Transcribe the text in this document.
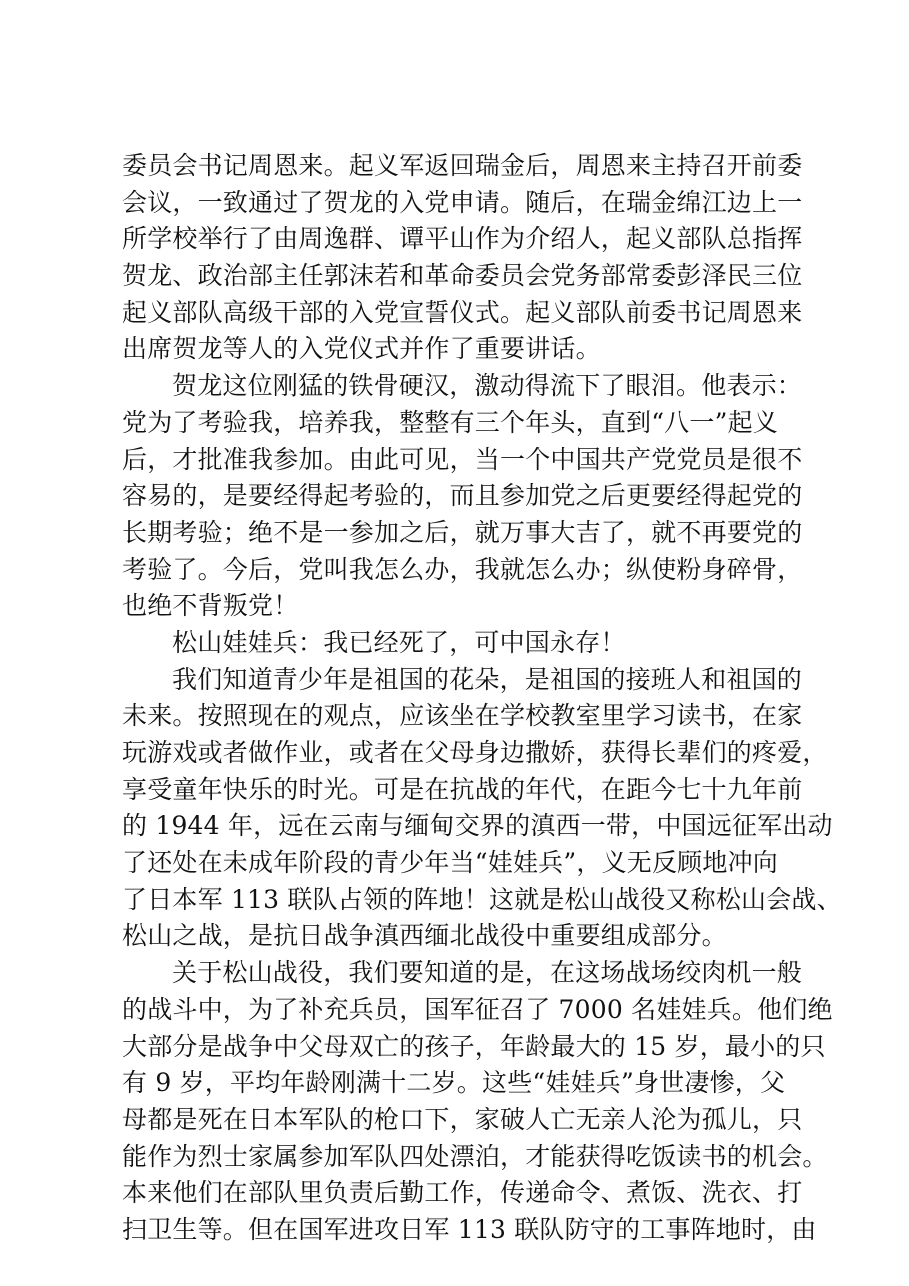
委员会书记周恩来。起义军返回瑞金后，周恩来主持召开前委
会议，一致通过了贺龙的入党申请。随后，在瑞金绵江边上一
所学校举行了由周逸群、谭平山作为介绍人，起义部队总指挥
贺龙、政治部主任郭沫若和革命委员会党务部常委彭泽民三位
起义部队高级干部的入党宣誓仪式。起义部队前委书记周恩来
出席贺龙等人的入党仪式并作了重要讲话。
贺龙这位刚猛的铁骨硬汉，激动得流下了眼泪。他表示：
党为了考验我，培养我，整整有三个年头，直到“八一”起义
后，才批准我参加。由此可见，当一个中国共产党党员是很不
容易的，是要经得起考验的，而且参加党之后更要经得起党的
长期考验；绝不是一参加之后，就万事大吉了，就不再要党的
考验了。今后，党叫我怎么办，我就怎么办；纵使粉身碎骨，
也绝不背叛党！
松山娃娃兵：我已经死了，可中国永存！
我们知道青少年是祖国的花朵，是祖国的接班人和祖国的
未来。按照现在的观点，应该坐在学校教室里学习读书，在家
玩游戏或者做作业，或者在父母身边撒娇，获得长辈们的疼爱，
享受童年快乐的时光。可是在抗战的年代，在距今七十九年前
的 1944 年，远在云南与缅甸交界的滇西一带，中国远征军出动
了还处在未成年阶段的青少年当“娃娃兵”，义无反顾地冲向
了日本军 113 联队占领的阵地！这就是松山战役又称松山会战、
松山之战，是抗日战争滇西缅北战役中重要组成部分。
关于松山战役，我们要知道的是，在这场战场绞肉机一般
的战斗中，为了补充兵员，国军征召了 7000 名娃娃兵。他们绝
大部分是战争中父母双亡的孩子，年龄最大的 15 岁，最小的只
有 9 岁，平均年龄刚满十二岁。这些“娃娃兵”身世凄惨，父
母都是死在日本军队的枪口下，家破人亡无亲人沦为孤儿，只
能作为烈士家属参加军队四处漂泊，才能获得吃饭读书的机会。
本来他们在部队里负责后勤工作，传递命令、煮饭、洗衣、打
扫卫生等。但在国军进攻日军 113 联队防守的工事阵地时，由
